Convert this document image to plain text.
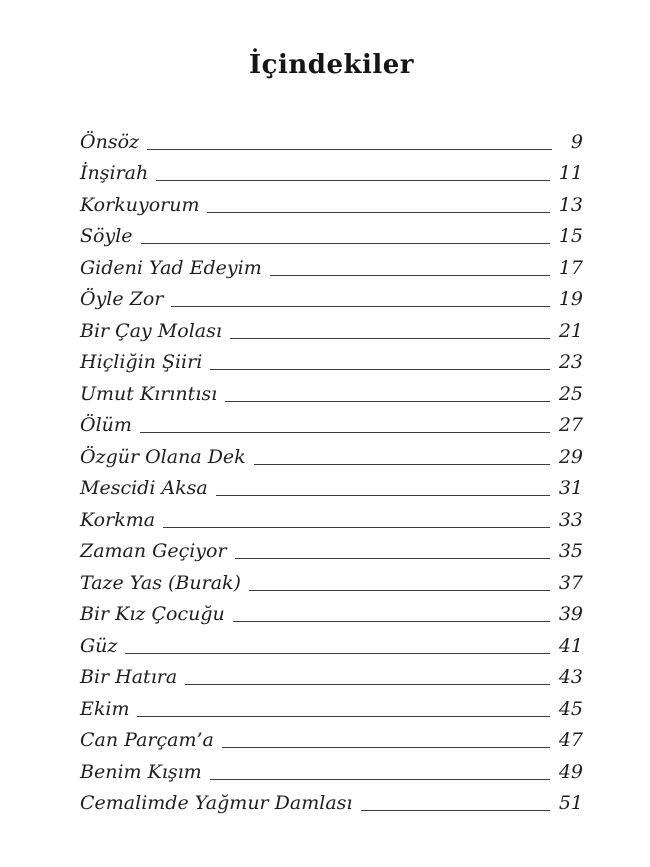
İçindekiler
Önsöz	9
İnşirah	11
Korkuyorum	13
Söyle	15
Gideni Yad Edeyim	17
Öyle Zor	19
Bir Çay Molası	21
Hiçliğin Şiiri	23
Umut Kırıntısı	25
Ölüm	27
Özgür Olana Dek	29
Mescidi Aksa	31
Korkma	33
Zaman Geçiyor	35
Taze Yas (Burak)	37
Bir Kız Çocuğu	39
Güz	41
Bir Hatıra	43
Ekim	45
Can Parçam’a	47
Benim Kışım	49
Cemalimde Yağmur Damlası	51
